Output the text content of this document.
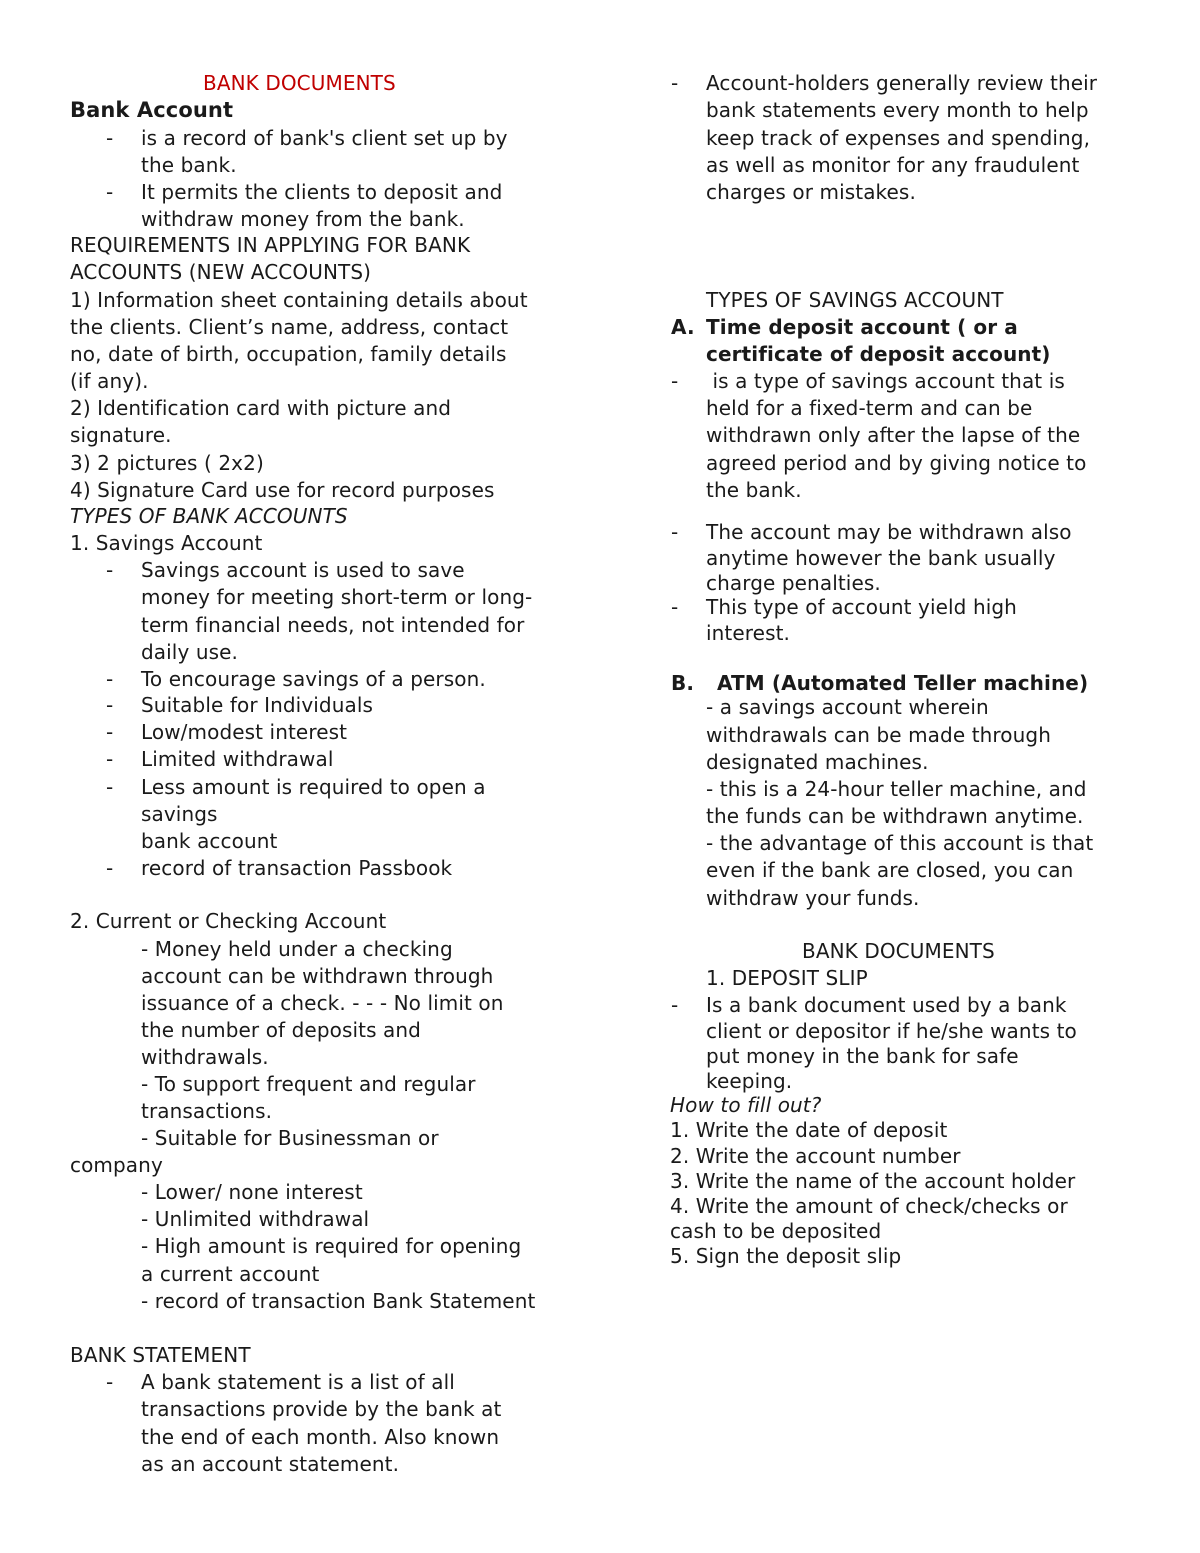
BANK DOCUMENTS
Bank Account
- is a record of bank's client set up by
the bank.
- It permits the clients to deposit and
withdraw money from the bank.
REQUIREMENTS IN APPLYING FOR BANK
ACCOUNTS (NEW ACCOUNTS)
1) Information sheet containing details about
the clients. Client’s name, address, contact
no, date of birth, occupation, family details
(if any).
2) Identification card with picture and
signature.
3) 2 pictures ( 2x2)
4) Signature Card use for record purposes
TYPES OF BANK ACCOUNTS
1. Savings Account
- Savings account is used to save
money for meeting short-term or long-
term financial needs, not intended for
daily use.
- To encourage savings of a person.
- Suitable for Individuals
- Low/modest interest
- Limited withdrawal
- Less amount is required to open a
savings
bank account
- record of transaction Passbook
2. Current or Checking Account
- Money held under a checking
account can be withdrawn through
issuance of a check. - - - No limit on
the number of deposits and
withdrawals.
- To support frequent and regular
transactions.
- Suitable for Businessman or
company
- Lower/ none interest
- Unlimited withdrawal
- High amount is required for opening
a current account
- record of transaction Bank Statement
BANK STATEMENT
- A bank statement is a list of all
transactions provide by the bank at
the end of each month. Also known
as an account statement.
- Account-holders generally review their
bank statements every month to help
keep track of expenses and spending,
as well as monitor for any fraudulent
charges or mistakes.
TYPES OF SAVINGS ACCOUNT
A. Time deposit account ( or a
certificate of deposit account)
- is a type of savings account that is
held for a fixed-term and can be
withdrawn only after the lapse of the
agreed period and by giving notice to
the bank.
- The account may be withdrawn also
anytime however the bank usually
charge penalties.
- This type of account yield high
interest.
B. ATM (Automated Teller machine)
- a savings account wherein
withdrawals can be made through
designated machines.
- this is a 24-hour teller machine, and
the funds can be withdrawn anytime.
- the advantage of this account is that
even if the bank are closed, you can
withdraw your funds.
BANK DOCUMENTS
1. DEPOSIT SLIP
- Is a bank document used by a bank
client or depositor if he/she wants to
put money in the bank for safe
keeping.
How to fill out?
1. Write the date of deposit
2. Write the account number
3. Write the name of the account holder
4. Write the amount of check/checks or
cash to be deposited
5. Sign the deposit slip
